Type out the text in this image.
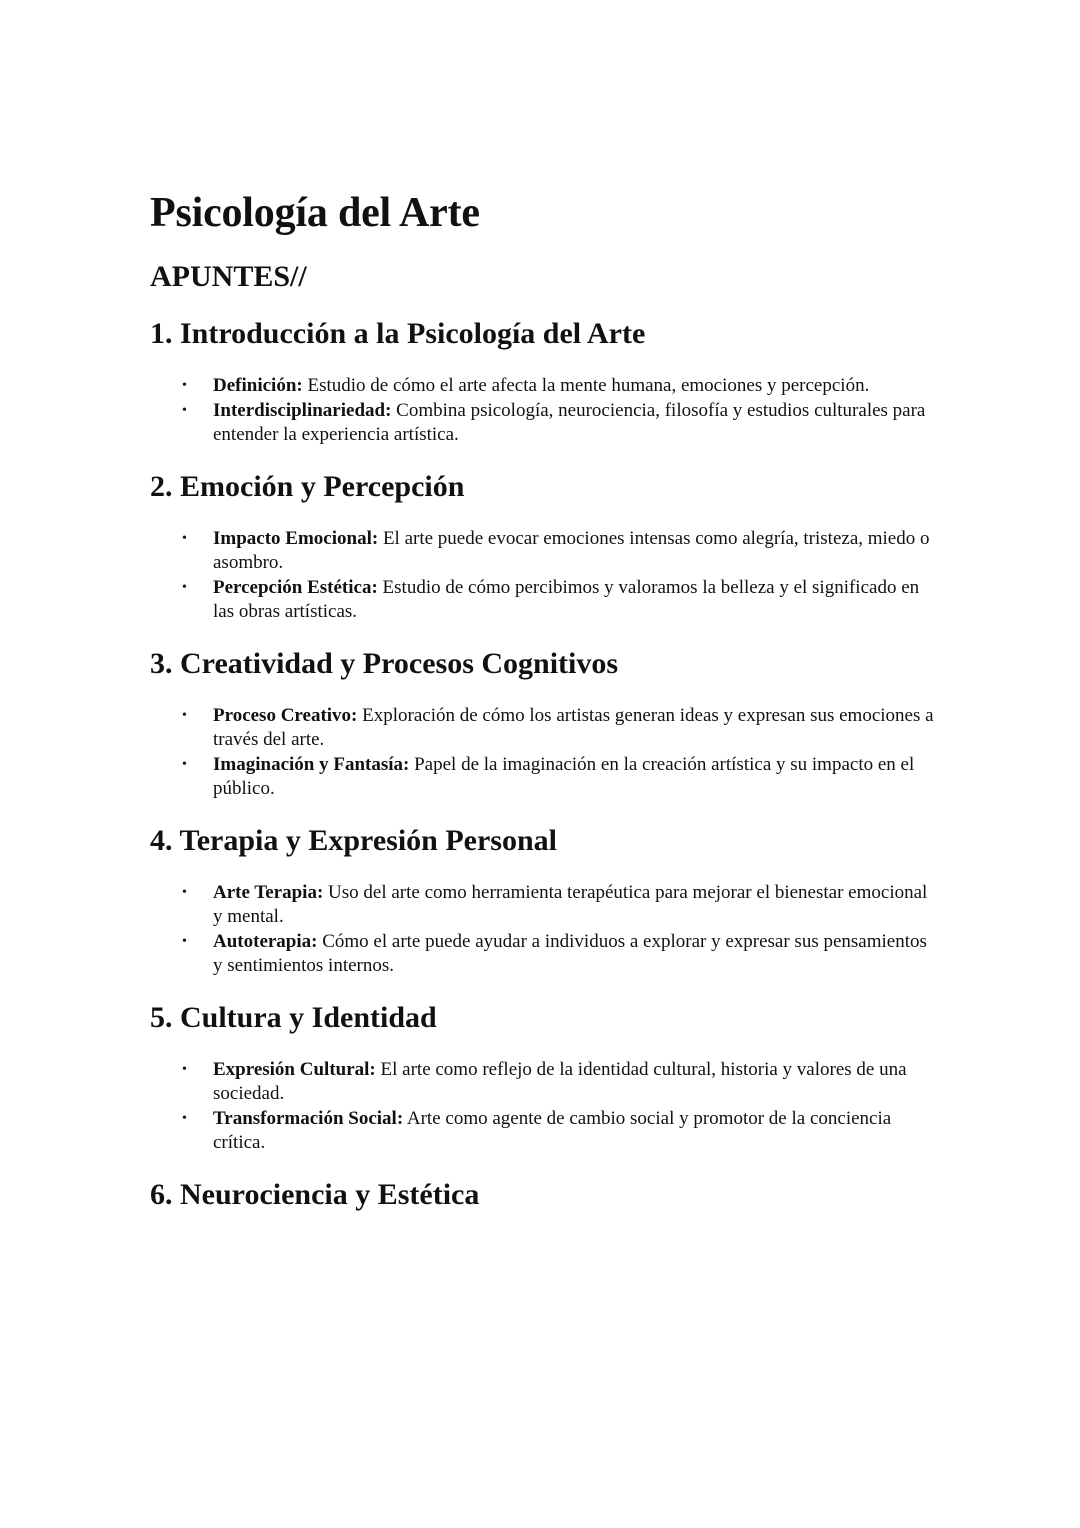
Psicología del Arte
APUNTES//
1. Introducción a la Psicología del Arte
• Definición: Estudio de cómo el arte afecta la mente humana, emociones y percepción.
• Interdisciplinariedad: Combina psicología, neurociencia, filosofía y estudios culturales para entender la experiencia artística.
2. Emoción y Percepción
• Impacto Emocional: El arte puede evocar emociones intensas como alegría, tristeza, miedo o asombro.
• Percepción Estética: Estudio de cómo percibimos y valoramos la belleza y el significado en las obras artísticas.
3. Creatividad y Procesos Cognitivos
• Proceso Creativo: Exploración de cómo los artistas generan ideas y expresan sus emociones a través del arte.
• Imaginación y Fantasía: Papel de la imaginación en la creación artística y su impacto en el público.
4. Terapia y Expresión Personal
• Arte Terapia: Uso del arte como herramienta terapéutica para mejorar el bienestar emocional y mental.
• Autoterapia: Cómo el arte puede ayudar a individuos a explorar y expresar sus pensamientos y sentimientos internos.
5. Cultura y Identidad
• Expresión Cultural: El arte como reflejo de la identidad cultural, historia y valores de una sociedad.
• Transformación Social: Arte como agente de cambio social y promotor de la conciencia crítica.
6. Neurociencia y Estética
